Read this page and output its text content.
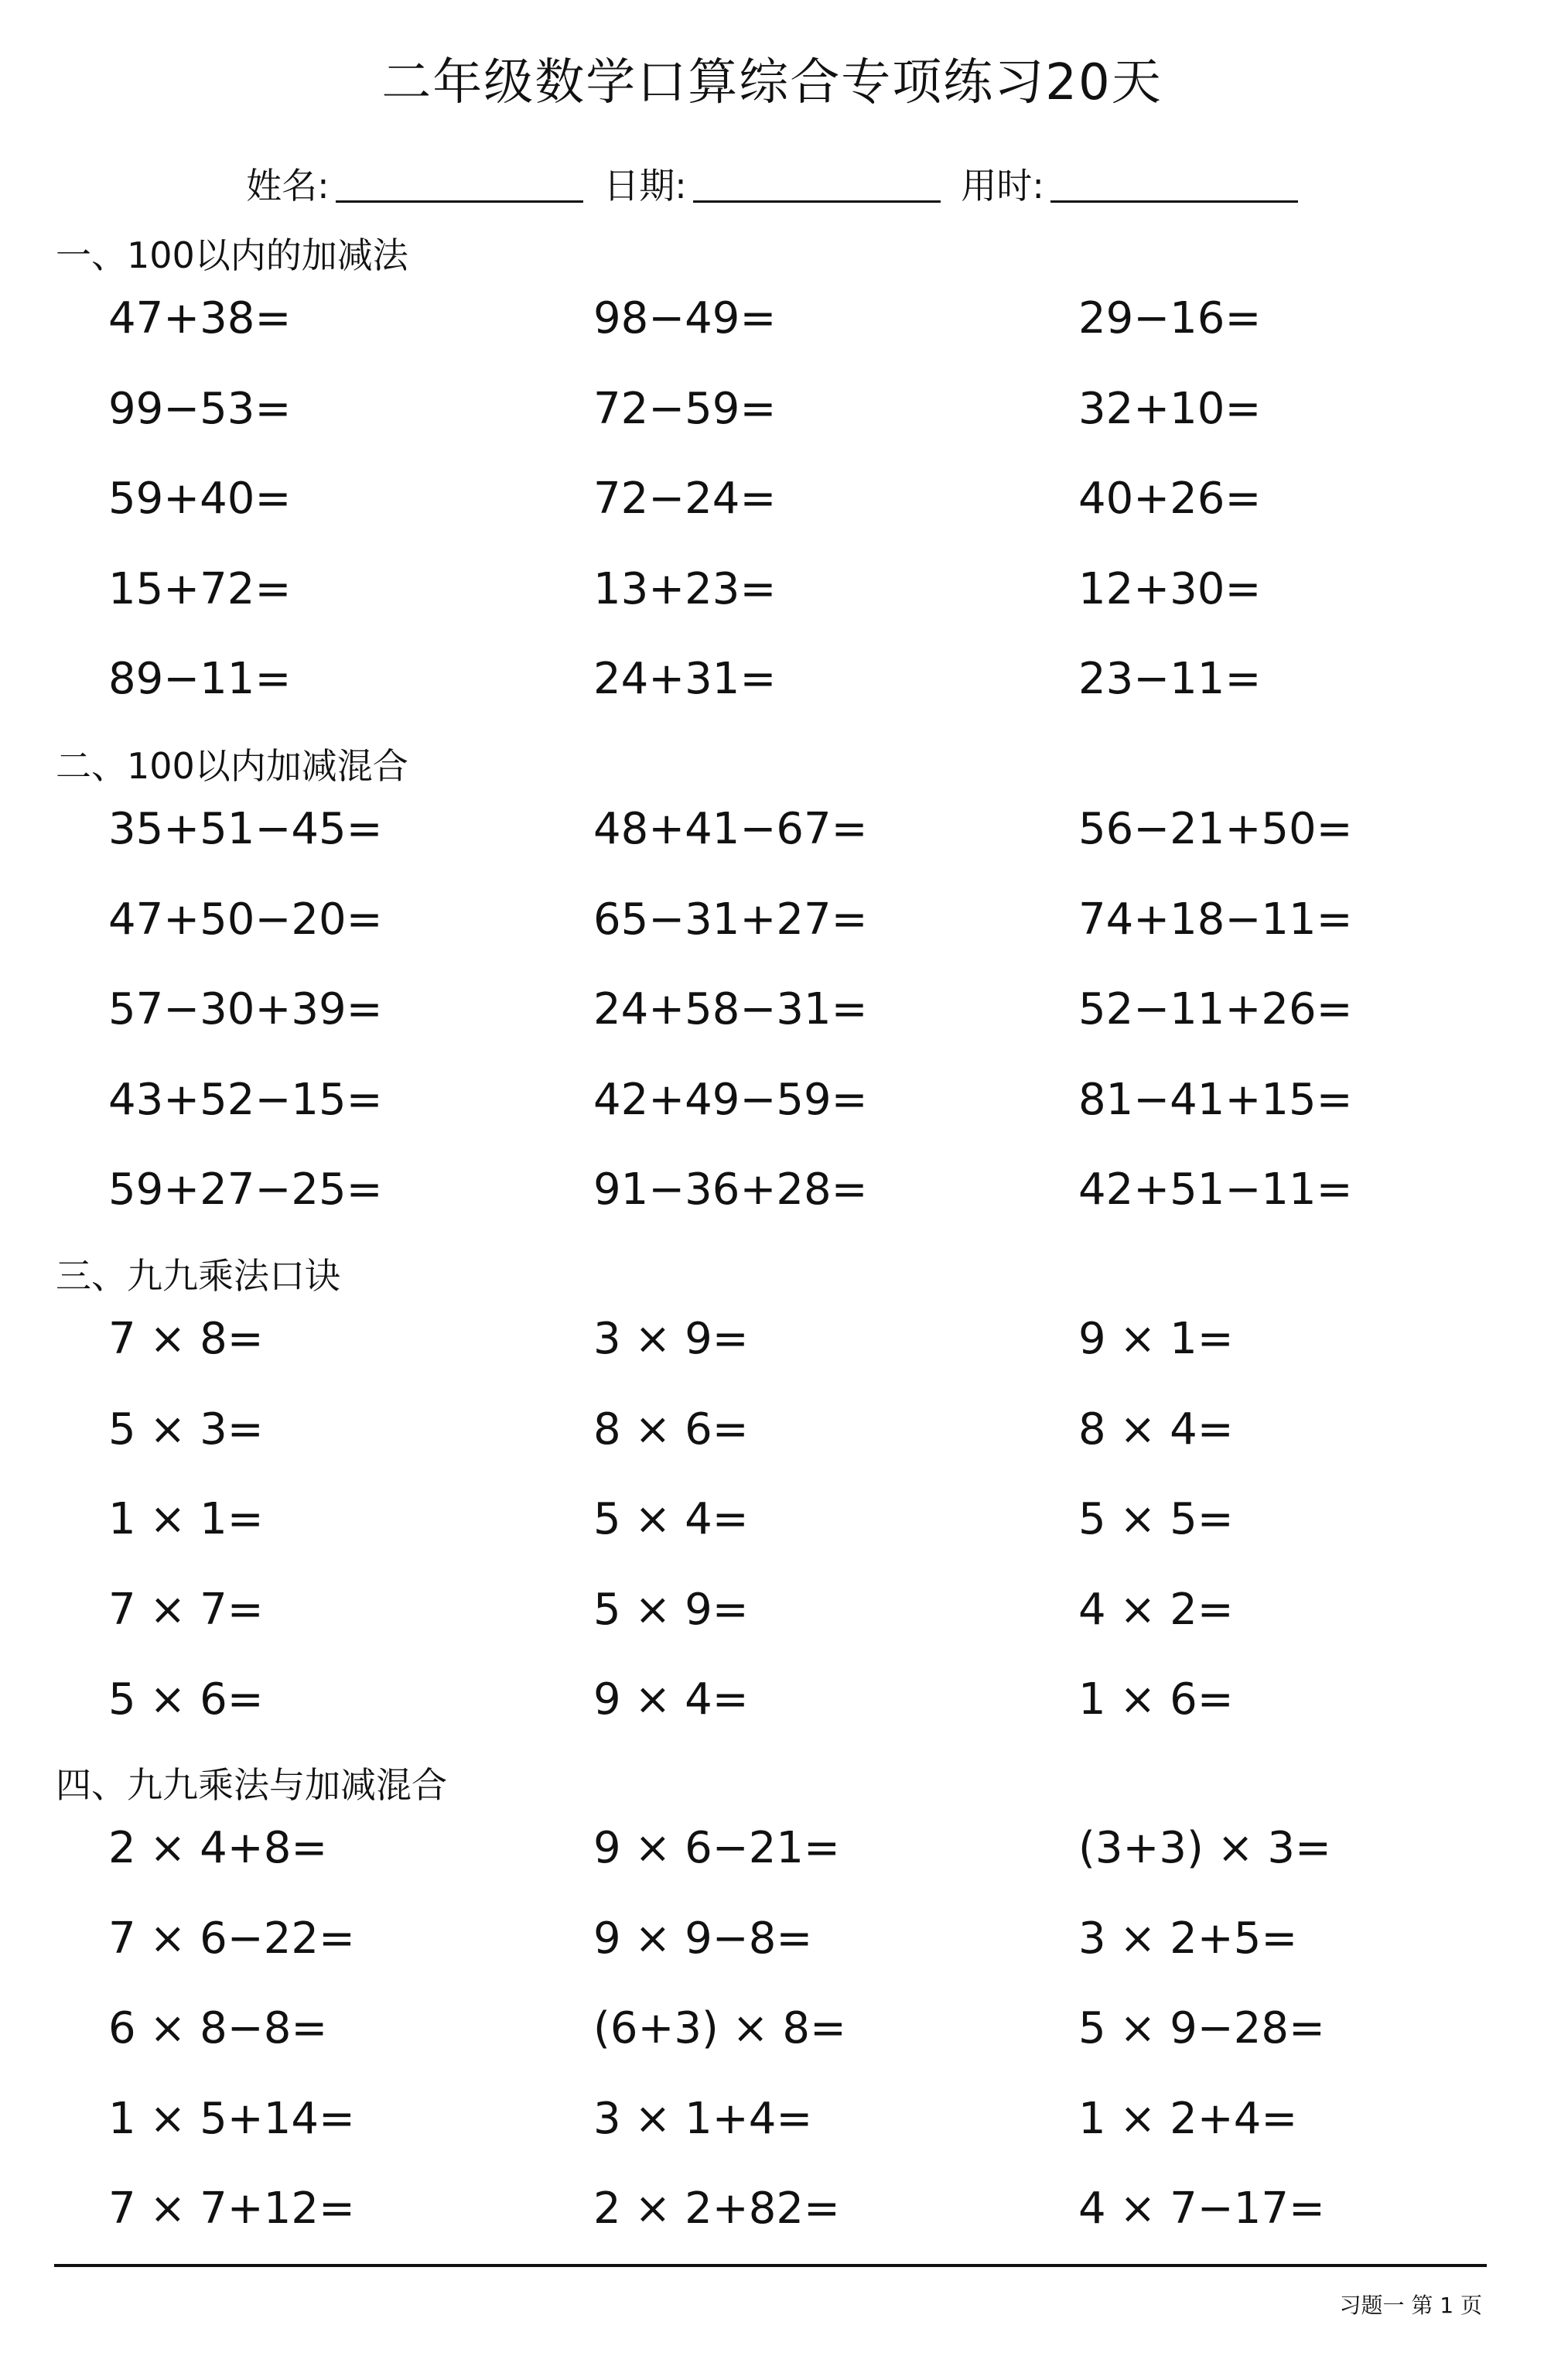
二年级数学口算综合专项练习20天
姓名:	日期:	用时:
一、100以内的加减法
47+38=	98−49=	29−16=
99−53=	72−59=	32+10=
59+40=	72−24=	40+26=
15+72=	13+23=	12+30=
89−11=	24+31=	23−11=
二、100以内加减混合
35+51−45=	48+41−67=	56−21+50=
47+50−20=	65−31+27=	74+18−11=
57−30+39=	24+58−31=	52−11+26=
43+52−15=	42+49−59=	81−41+15=
59+27−25=	91−36+28=	42+51−11=
三、九九乘法口诀
7 × 8=	3 × 9=	9 × 1=
5 × 3=	8 × 6=	8 × 4=
1 × 1=	5 × 4=	5 × 5=
7 × 7=	5 × 9=	4 × 2=
5 × 6=	9 × 4=	1 × 6=
四、九九乘法与加减混合
2 × 4+8=	9 × 6−21=	(3+3) × 3=
7 × 6−22=	9 × 9−8=	3 × 2+5=
6 × 8−8=	(6+3) × 8=	5 × 9−28=
1 × 5+14=	3 × 1+4=	1 × 2+4=
7 × 7+12=	2 × 2+82=	4 × 7−17=
习题一 第 1 页
